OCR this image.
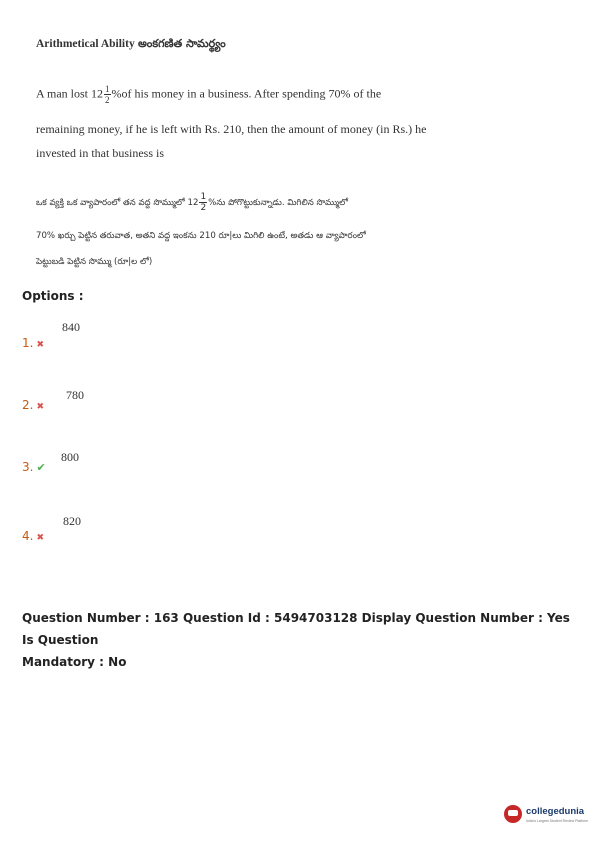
Arithmetical Ability అంకగణిత సామర్థ్యం
A man lost $12 \frac{1}{2} \%of$ his money in a business. After spending 70% of the
remaining money, if he is left with Rs. 210, then the amount of money (in Rs.) he
invested in that business is
ఒక వ్యక్తి ఒక వ్యాపారంలో తన వద్ద సొమ్ములో $12 \frac{1}{2}$ %ను పోగొట్టుకున్నాడు. మిగిలిన సొమ్ములో
70% ఖర్చు పెట్టిన తరువాత, అతని వద్ద ఇంకను 210 రూ|లు మిగిలి ఉంటే, అతడు ఆ వ్యాపారంలో
పెట్టుబడి పెట్టిన సొమ్ము (రూ|ల లో)
Options :
840
1. ✖
780
2. ✖
800
3. ✔
820
4. ✖
Question Number : 163 Question Id : 5494703128 Display Question Number : Yes Is Question
Mandatory : No
collegedunia
India's Largest Student Review Platform
